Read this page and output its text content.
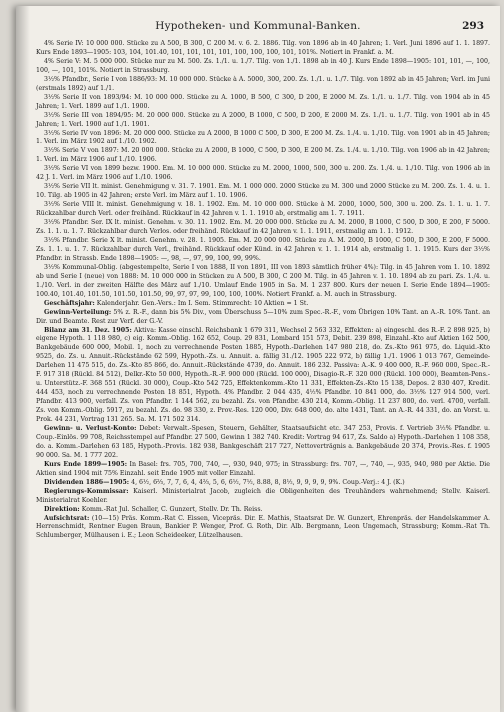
Hypotheken- und Kommunal-Banken.	293

4% Serie IV: 10 000 000. Stücke zu A 500, B 300, C 200 M. v. 6. 2. 1886. Tilg. von 1896 ab in 40 Jahren; 1. Verl. Juni 1896 auf 1. 1. 1897. Kurs Ende 1893—1905: 103, 104, 101.40, 101, 101, 101, 101, 100, 100, 100, 101, 101%. Notiert in Frankf. a. M.

4% Serie V: M. 5 000 000. Stücke nur zu M. 500. Zs. 1./1. u. 1./7. Tilg. von 1./1. 1898 ab in 40 J. Kurs Ende 1898—1905: 101, 101, —, 100, 100, —, 101, 101%. Notiert in Strassburg.

3½% Pfandbr., Serie I von 1886/93: M. 10 000 000. Stücke à A. 5000, 300, 200. Zs. 1./1. u. 1./7. Tilg. von 1892 ab in 45 Jahren; Verl. im Juni (erstmals 1892) auf 1./1.

3½% Serie II von 1893/94: M. 10 000 000. Stücke zu A. 1000, B 500, C 300, D 200, E 2000 M. Zs. 1./1. u. 1./7. Tilg. von 1904 ab in 45 Jahren; 1. Verl. 1899 auf 1./1. 1900.

3½% Serie III von 1894/95: M. 20 000 000. Stücke zu A 2000, B 1000, C 500, D 200, E 2000 M. Zs. 1./1. u. 1./7. Tilg. von 1901 ab in 45 Jahren; 1. Verl. 1900 auf 1./1. 1901.

3½% Serie IV von 1896: M. 20 000 000. Stücke zu A 2000, B 1000 C 500, D 300, E 200 M. Zs. 1./4. u. 1./10. Tilg. von 1901 ab in 45 Jahren; 1. Verl. im März 1902 auf 1./10. 1902.

3½% Serie V von 1897: M. 20 000 000. Stücke zu A 2000, B 1000, C 500, D 300, E 200 M. Zs. 1./4. u. 1./10. Tilg. von 1906 ab in 42 Jahren; 1. Verl. im März 1906 auf 1./10. 1906.

3½% Serie VI von 1899 bezw. 1900. Em. M. 10 000 000. Stücke zu M. 2000, 1000, 500, 300 u. 200. Zs. 1./4. u. 1./10. Tilg. von 1906 ab in 42 J. 1. Verl. im März 1906 auf 1./10. 1906.

3½% Serie VII lt. minist. Genehmigung v. 31. 7. 1901. Em. M. 1 000 000. 2000 Stücke zu M. 300 und 2000 Stücke zu M. 200. Zs. 1. 4. u. 1. 10. Tilg. ab 1905 in 42 Jahren; erste Verl. im März auf 1. 10. 1906.

3½% Serie VIII lt. minist. Genehmigung v. 18. 1. 1902. Em. M. 10 000 000. Stücke à M. 2000, 1000, 500, 300 u. 200. Zs. 1. 1. u. 1. 7. Rückzahlbar durch Verl. oder freihänd. Rückkauf in 42 Jahren v. 1. 1. 1910 ab, erstmalig am 1. 7. 1911.

3½% Pfandbr. Ser. IX lt. minist. Genehm. v. 30. 11. 1902. Em. M. 20 000 000. Stücke zu A. M. 2000, B 1000, C 500, D 300, E 200, F 5000. Zs. 1. 1. u. 1. 7. Rückzahlbar durch Verlos. oder freihänd. Rückkauf in 42 Jahren v. 1. 1. 1911, erstmalig am 1. 1. 1912.

3½% Pfandbr. Serie X lt. minist. Genehm. v. 28. 1. 1905. Em. M. 20 000 000. Stücke zu A. M. 2000, B 1000, C 500, D 300, E 200, F 5000. Zs. 1. 1. u. 1. 7. Rückzahlbar durch Verl., freihänd. Rückkauf oder Künd. in 42 Jahren v. 1. 1. 1914 ab, erstmalig 1. 1. 1915. Kurs der 3½% Pfandbr. in Strassb. Ende 1898—1905: —, 98, —, 97, 99, 100, 99, 99%.

3½% Kommunal-Oblig. (abgestempelte, Serie I von 1888, II von 1891, III von 1893 sämtlich früher 4%): Tilg. in 45 Jahren vom 1. 10. 1892 ab und Serie I (neue) von 1888: M. 10 000 000 in Stücken zu A 500, B 300, C 200 M. Tilg. in 45 Jahren v. 1. 10. 1894 ab zu pari. Zs. 1./4. u. 1./10. Verl. in der zweiten Hälfte des März auf 1./10. Umlauf Ende 1905 in Sa. M. 1 237 800. Kurs der neuen I. Serie Ende 1894—1905: 100.40, 101.40, 101.50, 101.50, 101.50, 99, 97, 97, 99, 100, 100, 100%. Notiert Frankf. a. M. auch in Strassburg.

Geschäftsjahr: Kalenderjahr. Gen.-Vers.: Im I. Sem. Stimmrecht: 10 Aktien = 1 St.

Gewinn-Verteilung: 5% z. R.-F., dann bis 5% Div., vom Überschuss 5—10% zum Spec.-R.-F., vom Übrigen 10% Tant. an A.-R. 10% Tant. an Dir. und Beamte. Rest zur Verf. der G.-V.

Bilanz am 31. Dez. 1905: Aktiva: Kasse einschl. Reichsbank 1 679 311, Wechsel 2 563 332, Effekten: a) eingeschl. des R.-F. 2 898 925, b) eigene Hypoth. 1 118 980, c) eig. Komm.-Oblig. 162 652, Coup. 29 831, Lombard 151 573, Debit. 239 898, Einzahl.-Kto auf Aktien 162 500, Bankgebäude 600 000, Mobil. 1, noch zu verrechnende Posten 1885, Hypoth.-Darlehen 147 980 218, do. Zs.-Kto 961 975, do. Liquid.-Kto 9525, do. Zs. u. Annuit.-Rückstände 62 599, Hypoth.-Zs. u. Annuit. a. fällig 31./12. 1905 222 972, b) fällig 1./1. 1906 1 013 767, Gemeinde-Darlehen 11 475 515, do. Zs.-Kto 85 866, do. Annuit.-Rückstände 4739, do. Annuit. 186 232. Passiva: A.-K. 9 400 000, R.-F. 960 000, Spec.-R.-F. 917 318 (Rückl. 84 512), Delkr.-Kto 50 000, Hypoth.-R.-F. 900 000 (Rückl. 100 000), Disagio-R.-F. 320 000 (Rückl. 100 000), Beamten-Pens.- u. Unterstütz.-F. 368 551 (Rückl. 30 000), Coup.-Kto 542 725, Effektenkomm.-Kto 11 331, Effekten-Zs.-Kto 15 138, Depos. 2 830 407, Kredit. 444 453, noch zu verrechnende Posten 18 851, Hypoth. 4% Pfandbr. 2 044 435, 4½% Pfandbr. 10 841 000, do. 3½% 127 914 500, verl. Pfandbr. 413 900, verfall. Zs. von Pfandbr. 1 144 562, zu bezahl. Zs. von Pfandbr. 430 214, Komm.-Oblig. 11 237 800, do. verl. 4700, verfall. Zs. von Komm.-Oblig. 5917, zu bezahl. Zs. do. 98 330, z. Prov.-Res. 120 000, Div. 648 000, do. alte 1431, Tant. an A.-R. 44 331, do. an Vorst. u. Prok. 44 231, Vortrag 131 265. Sa. M. 171 502 314.

Gewinn- u. Verlust-Konto: Debet: Verwalt.-Spesen, Steuern, Gehälter, Staatsaufsicht etc. 347 253, Provis. f. Vertrieb 3½% Pfandbr. u. Coup.-Einlös. 99 708, Reichsstempel auf Pfandbr. 27 500, Gewinn 1 382 740. Kredit: Vortrag 94 617, Zs. Saldo a) Hypoth.-Darlehen 1 108 358, do. a. Komm.-Darlehen 63 185, Hypoth.-Provis. 182 938, Bankgeschäft 217 727, Nettoverträgnis a. Bankgebäude 20 374, Provis.-Res. f. 1905 90 000. Sa. M. 1 777 202.

Kurs Ende 1899—1905: In Basel: frs. 705, 700, 740, —, 930, 940, 975; in Strassburg: frs. 707, —, 740, —, 935, 940, 980 per Aktie. Die Aktien sind 1904 mit 75% Einzahl. seit Ende 1905 mit voller Einzahl.

Dividenden 1886—1905: 4, 6½, 6⅔, 7, 7, 6, 4, 4⅔, 5, 6, 6½, 7½, 8.88, 8, 8½, 9, 9, 9, 9, 9%. Coup.-Verj.: 4 J. (K.)

Regierungs-Kommissar: Kaiserl. Ministerialrat Jacob, zugleich die Obligenheiten des Treuhänders wahrnehmend; Stellv. Kaiserl. Ministerialrat Koehler.

Direktion: Komm.-Rat Jul. Schaller, C. Gunzert, Stellv. Dr. Th. Reiss.

Aufsichtsrat: (10—15) Präs. Komm.-Rat C. Eissen, Vicepräs. Dir. E. Mathis, Staatsrat Dr. W. Gunzert, Ehrenpräs. der Handelskammer A. Herrenschmidt, Rentner Eugen Braun, Bankier P. Wenger, Prof. G. Roth, Dir. Alb. Bergmann, Leon Ungemach, Strassburg; Komm.-Rat Th. Schlumberger, Mülhausen i. E.; Leon Scheideeker, Lützelhausen.
